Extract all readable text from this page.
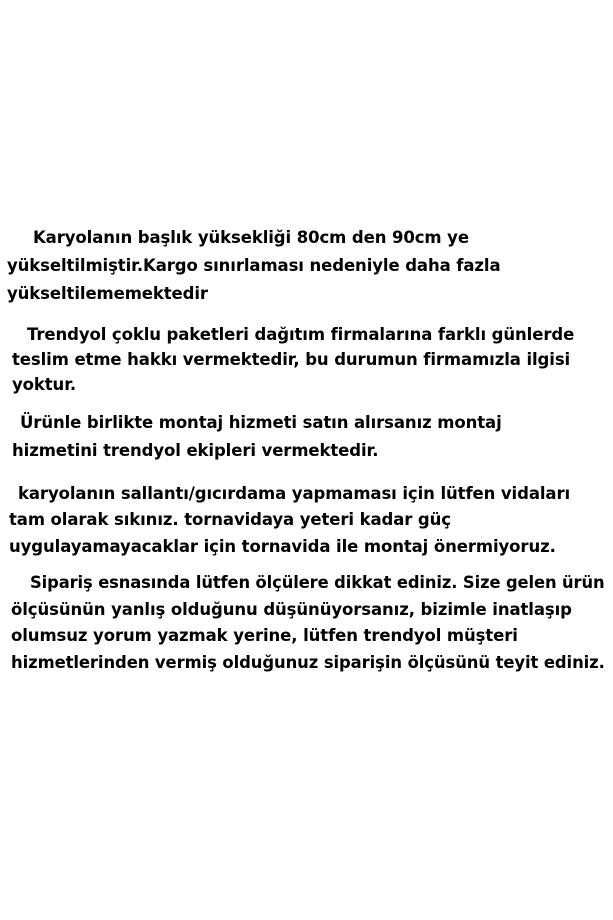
Karyolanın başlık yüksekliği 80cm den 90cm ye
yükseltilmiştir.Kargo sınırlaması nedeniyle daha fazla
yükseltilememektedir
Trendyol çoklu paketleri dağıtım firmalarına farklı günlerde
teslim etme hakkı vermektedir, bu durumun firmamızla ilgisi
yoktur.
Ürünle birlikte montaj hizmeti satın alırsanız montaj
hizmetini trendyol ekipleri vermektedir.
karyolanın sallantı/gıcırdama yapmaması için lütfen vidaları
tam olarak sıkınız. tornavidaya yeteri kadar güç
uygulayamayacaklar için tornavida ile montaj önermiyoruz.
Sipariş esnasında lütfen ölçülere dikkat ediniz. Size gelen ürün
ölçüsünün yanlış olduğunu düşünüyorsanız, bizimle inatlaşıp
olumsuz yorum yazmak yerine, lütfen trendyol müşteri
hizmetlerinden vermiş olduğunuz siparişin ölçüsünü teyit ediniz.
